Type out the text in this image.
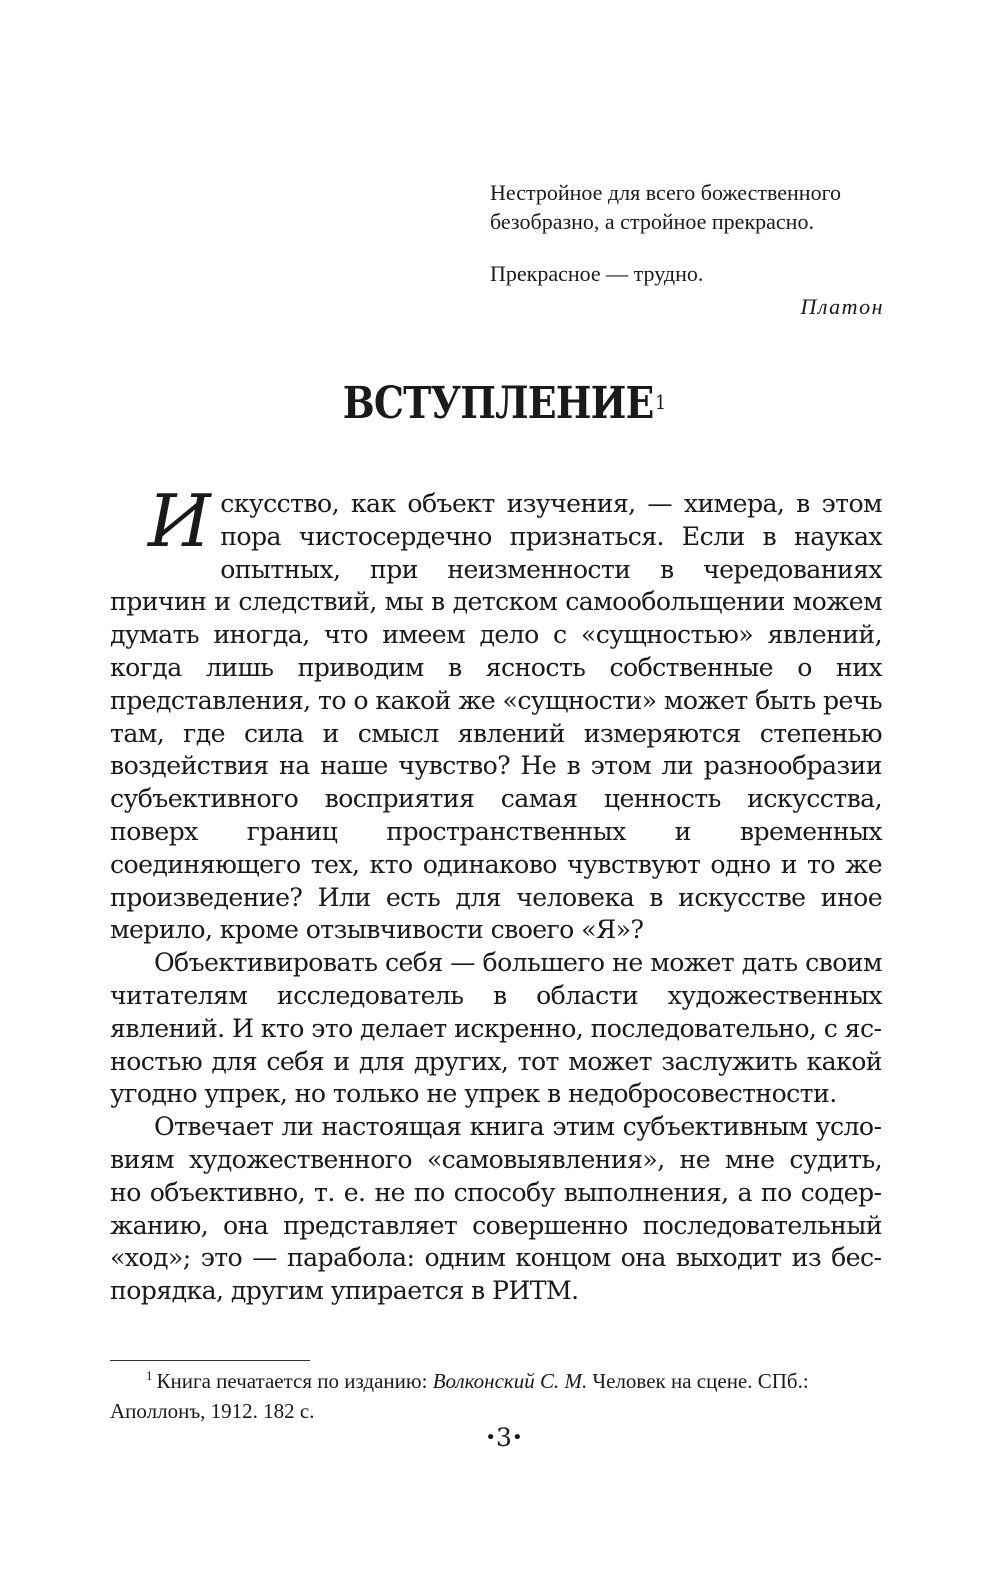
Нестройное для всего божественного

безобразно, а стройное прекрасно.

Прекрасное — трудно.

Платон

ВСТУПЛЕНИЕ$^1$

Искусство, как объект изучения, — химера, в этом пора чистосердечно признаться. Если в науках опытных, при неизменности в чередованиях причин и следствий, мы в детском самообольщении можем думать иногда, что имеем дело с «сущностью» явлений, когда лишь приводим в ясность собственные о них представления, то о какой же «сущности» может быть речь там, где сила и смысл явлений измеряются степенью воздействия на наше чувство? Не в этом ли разнообразии субъективного восприятия самая ценность искусства, поверх границ пространственных и временных соединяющего тех, кто одинаково чувствуют одно и то же произведение? Или есть для человека в искусстве иное мерило, кроме отзывчивости своего «Я»?

Объективировать себя — большего не может дать своим читателям исследователь в области художественных явлений. И кто это делает искренно, последовательно, с ясностью для себя и для других, тот может заслужить какой угодно упрек, но только не упрек в недобросовестности.

Отвечает ли настоящая книга этим субъективным условиям художественного «самовыявления», не мне судить, но объективно, т. е. не по способу выполнения, а по содержанию, она представляет совершенно последовательный «ход»; это — парабола: одним концом она выходит из беспорядка, другим упирается в РИТМ.

$^1$ Книга печатается по изданию: Волконский С. М. Человек на сцене. СПб.: Аполлонъ, 1912. 182 с.

•3•
